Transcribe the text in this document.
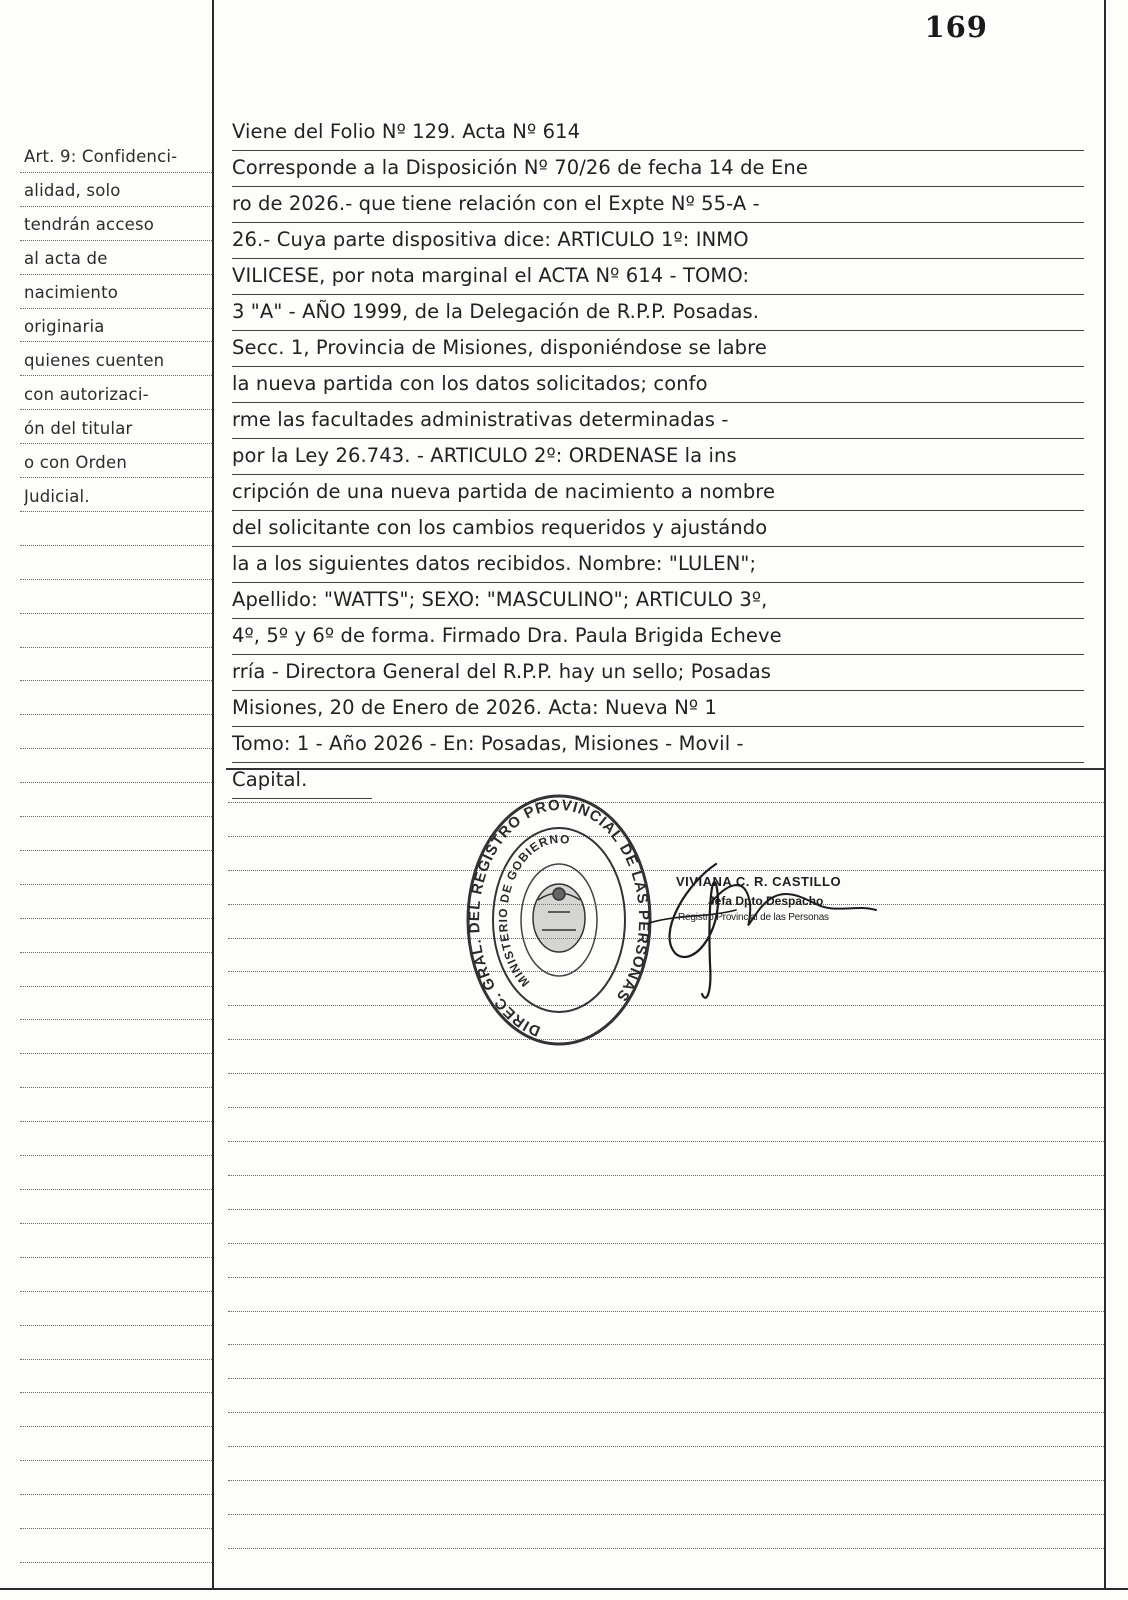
169
Art. 9: Confidenci-
alidad, solo
tendrán acceso
al acta de
nacimiento
originaria
quienes cuenten
con autorizaci-
ón del titular
o con Orden
Judicial.
Viene del Folio Nº 129. Acta Nº 614
Corresponde a la Disposición Nº 70/26 de fecha 14 de Ene
ro de 2026.- que tiene relación con el Expte Nº 55-A -
26.- Cuya parte dispositiva dice: ARTICULO 1º: INMO
VILICESE, por nota marginal el ACTA Nº 614 - TOMO:
3 "A" - AÑO 1999, de la Delegación de R.P.P. Posadas.
Secc. 1, Provincia de Misiones, disponiéndose se labre
la nueva partida con los datos solicitados; confo
rme las facultades administrativas determinadas -
por la Ley 26.743. - ARTICULO 2º: ORDENASE la ins
cripción de una nueva partida de nacimiento a nombre
del solicitante con los cambios requeridos y ajustándo
la a los siguientes datos recibidos. Nombre: "LULEN";
Apellido: "WATTS"; SEXO: "MASCULINO"; ARTICULO 3º,
4º, 5º y 6º de forma. Firmado Dra. Paula Brigida Echeve
rría - Directora General del R.P.P. hay un sello; Posadas
Misiones, 20 de Enero de 2026. Acta: Nueva Nº 1
Tomo: 1 - Año 2026 - En: Posadas, Misiones - Movil -
Capital.
DIREC. GRAL. DEL REGISTRO PROVINCIAL DE LAS PERSONAS
MINISTERIO DE GOBIERNO
VIVIANA C. R. CASTILLO
Jefa Dpto Despacho
Registro Provincial de las Personas
